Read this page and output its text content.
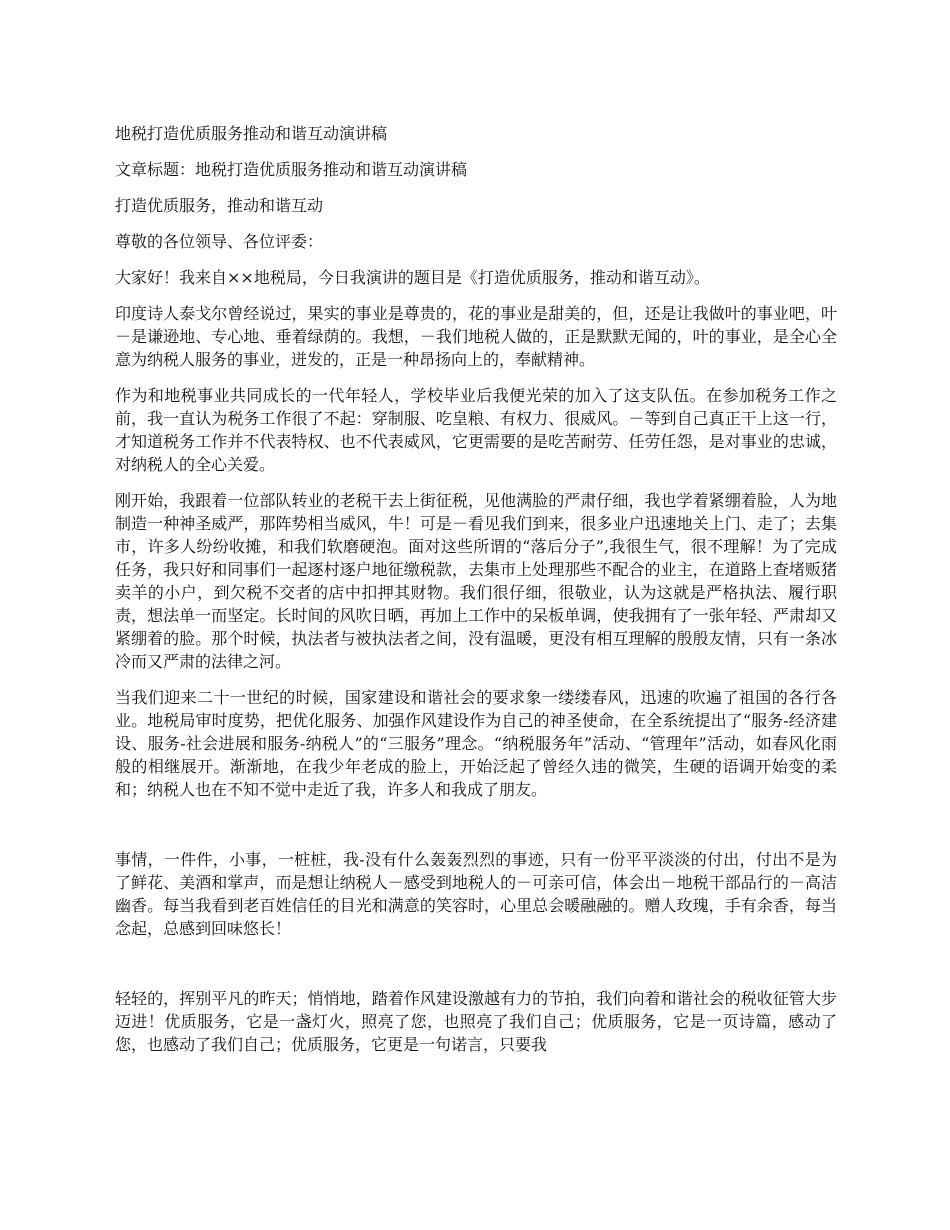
地税打造优质服务推动和谐互动演讲稿

文章标题：地税打造优质服务推动和谐互动演讲稿

打造优质服务，推动和谐互动

尊敬的各位领导、各位评委：

大家好！我来自××地税局，今日我演讲的题目是《打造优质服务，推动和谐互动》。

印度诗人泰戈尔曾经说过，果实的事业是尊贵的，花的事业是甜美的，但，还是让我做叶的事业吧，叶－是谦逊地、专心地、垂着绿荫的。我想，－我们地税人做的，正是默默无闻的，叶的事业，是全心全意为纳税人服务的事业，迸发的，正是一种昂扬向上的，奉献精神。

作为和地税事业共同成长的一代年轻人，学校毕业后我便光荣的加入了这支队伍。在参加税务工作之前，我一直认为税务工作很了不起：穿制服、吃皇粮、有权力、很威风。－等到自己真正干上这一行，才知道税务工作并不代表特权、也不代表威风，它更需要的是吃苦耐劳、任劳任怨，是对事业的忠诚，对纳税人的全心关爱。

刚开始，我跟着一位部队转业的老税干去上街征税，见他满脸的严肃仔细，我也学着紧绷着脸，人为地制造一种神圣威严，那阵势相当威风，牛！可是－看见我们到来，很多业户迅速地关上门、走了；去集市，许多人纷纷收摊，和我们软磨硬泡。面对这些所谓的“落后分子”,我很生气，很不理解！为了完成任务，我只好和同事们一起逐村逐户地征缴税款，去集市上处理那些不配合的业主，在道路上查堵贩猪卖羊的小户，到欠税不交者的店中扣押其财物。我们很仔细，很敬业，认为这就是严格执法、履行职责，想法单一而坚定。长时间的风吹日晒，再加上工作中的呆板单调，使我拥有了一张年轻、严肃却又紧绷着的脸。那个时候，执法者与被执法者之间，没有温暖，更没有相互理解的殷殷友情，只有一条冰冷而又严肃的法律之河。

当我们迎来二十一世纪的时候，国家建设和谐社会的要求象一缕缕春风，迅速的吹遍了祖国的各行各业。地税局审时度势，把优化服务、加强作风建设作为自己的神圣使命，在全系统提出了“服务-经济建设、服务-社会进展和服务-纳税人”的“三服务”理念。“纳税服务年”活动、“管理年”活动，如春风化雨般的相继展开。渐渐地，在我少年老成的脸上，开始泛起了曾经久违的微笑，生硬的语调开始变的柔和；纳税人也在不知不觉中走近了我，许多人和我成了朋友。

事情，一件件，小事，一桩桩，我-没有什么轰轰烈烈的事迹，只有一份平平淡淡的付出，付出不是为了鲜花、美酒和掌声，而是想让纳税人－感受到地税人的－可亲可信，体会出－地税干部品行的－高洁幽香。每当我看到老百姓信任的目光和满意的笑容时，心里总会暖融融的。赠人玫瑰，手有余香，每当念起，总感到回味悠长！

轻轻的，挥别平凡的昨天；悄悄地，踏着作风建设激越有力的节拍，我们向着和谐社会的税收征管大步迈进！优质服务，它是一盏灯火，照亮了您，也照亮了我们自己；优质服务，它是一页诗篇，感动了您，也感动了我们自己；优质服务，它更是一句诺言，只要我
